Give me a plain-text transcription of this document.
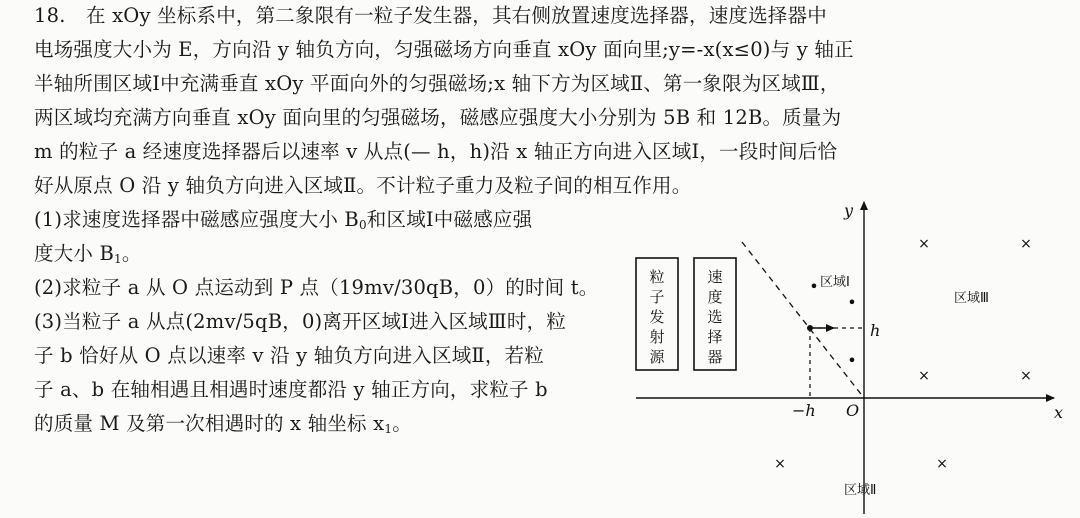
18. 在 xOy 坐标系中，第二象限有一粒子发生器，其右侧放置速度选择器，速度选择器中
电场强度大小为 E，方向沿 y 轴负方向，匀强磁场方向垂直 xOy 面向里;y=-x(x≤0)与 y 轴正
半轴所围区域Ⅰ中充满垂直 xOy 平面向外的匀强磁场;x 轴下方为区域Ⅱ、第一象限为区域Ⅲ，
两区域均充满方向垂直 xOy 面向里的匀强磁场，磁感应强度大小分别为 5B 和 12B。质量为
m 的粒子 a 经速度选择器后以速率 v 从点(— h，h)沿 x 轴正方向进入区域Ⅰ，一段时间后恰
好从原点 O 沿 y 轴负方向进入区域Ⅱ。不计粒子重力及粒子间的相互作用。
(1)求速度选择器中磁感应强度大小 $B_0$和区域Ⅰ中磁感应强
度大小 $B_1$。
(2)求粒子 a 从 O 点运动到 P 点（19mv/30qB，0）的时间 t。
(3)当粒子 a 从点(2mv/5qB，0)离开区域Ⅰ进入区域Ⅲ时，粒
子 b 恰好从 O 点以速率 v 沿 y 轴负方向进入区域Ⅱ，若粒
子 a、b 在轴相遇且相遇时速度都沿 y 轴正方向，求粒子 b
的质量 M 及第一次相遇时的 x 轴坐标 $x_1$。
粒
子
发
射
源
速
度
选
择
器
x
y
O
h
−h
•
•
•
区域Ⅰ
×	×
×	×
区域Ⅲ
×	×
区域Ⅱ
